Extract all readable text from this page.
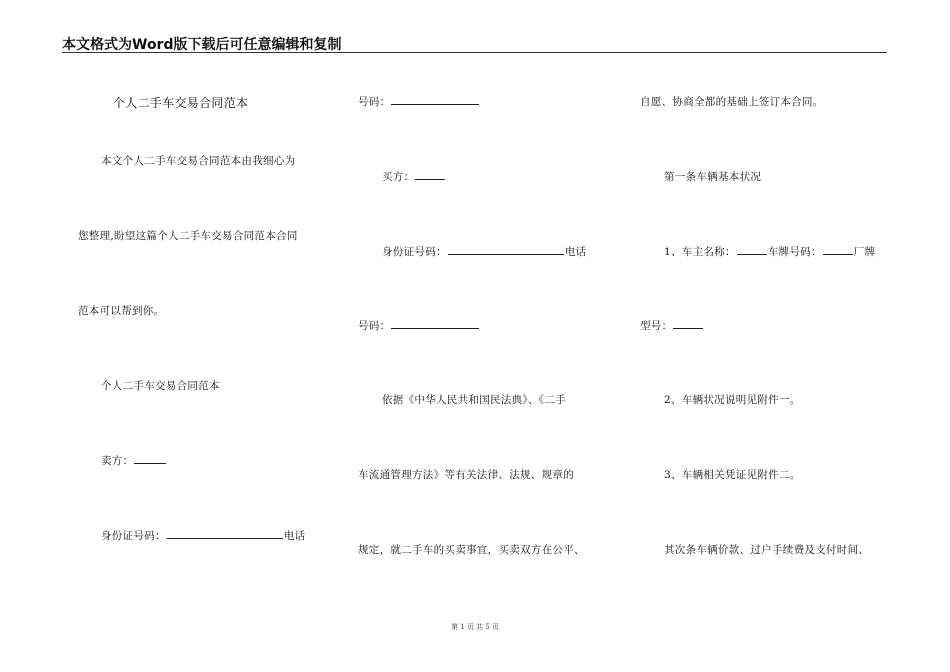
本文格式为Word版下载后可任意编辑和复制
个人二手车交易合同范本
本文个人二手车交易合同范本由我细心为
您整理,盼望这篇个人二手车交易合同范本合同
范本可以帮到你。
个人二手车交易合同范本
卖方：
身份证号码：	电话
号码：
买方：
身份证号码：	电话
号码：
依据《中华人民共和国民法典》、《二手
车流通管理方法》等有关法律、法规、规章的
规定，就二手车的买卖事宜，买卖双方在公平、
自愿、协商全都的基础上签订本合同。
第一条车辆基本状况
1、车主名称：	车牌号码：	厂牌
型号：
2、车辆状况说明见附件一。
3、车辆相关凭证见附件二。
其次条车辆价款、过户手续费及支付时间、
第 1 页 共 5 页
